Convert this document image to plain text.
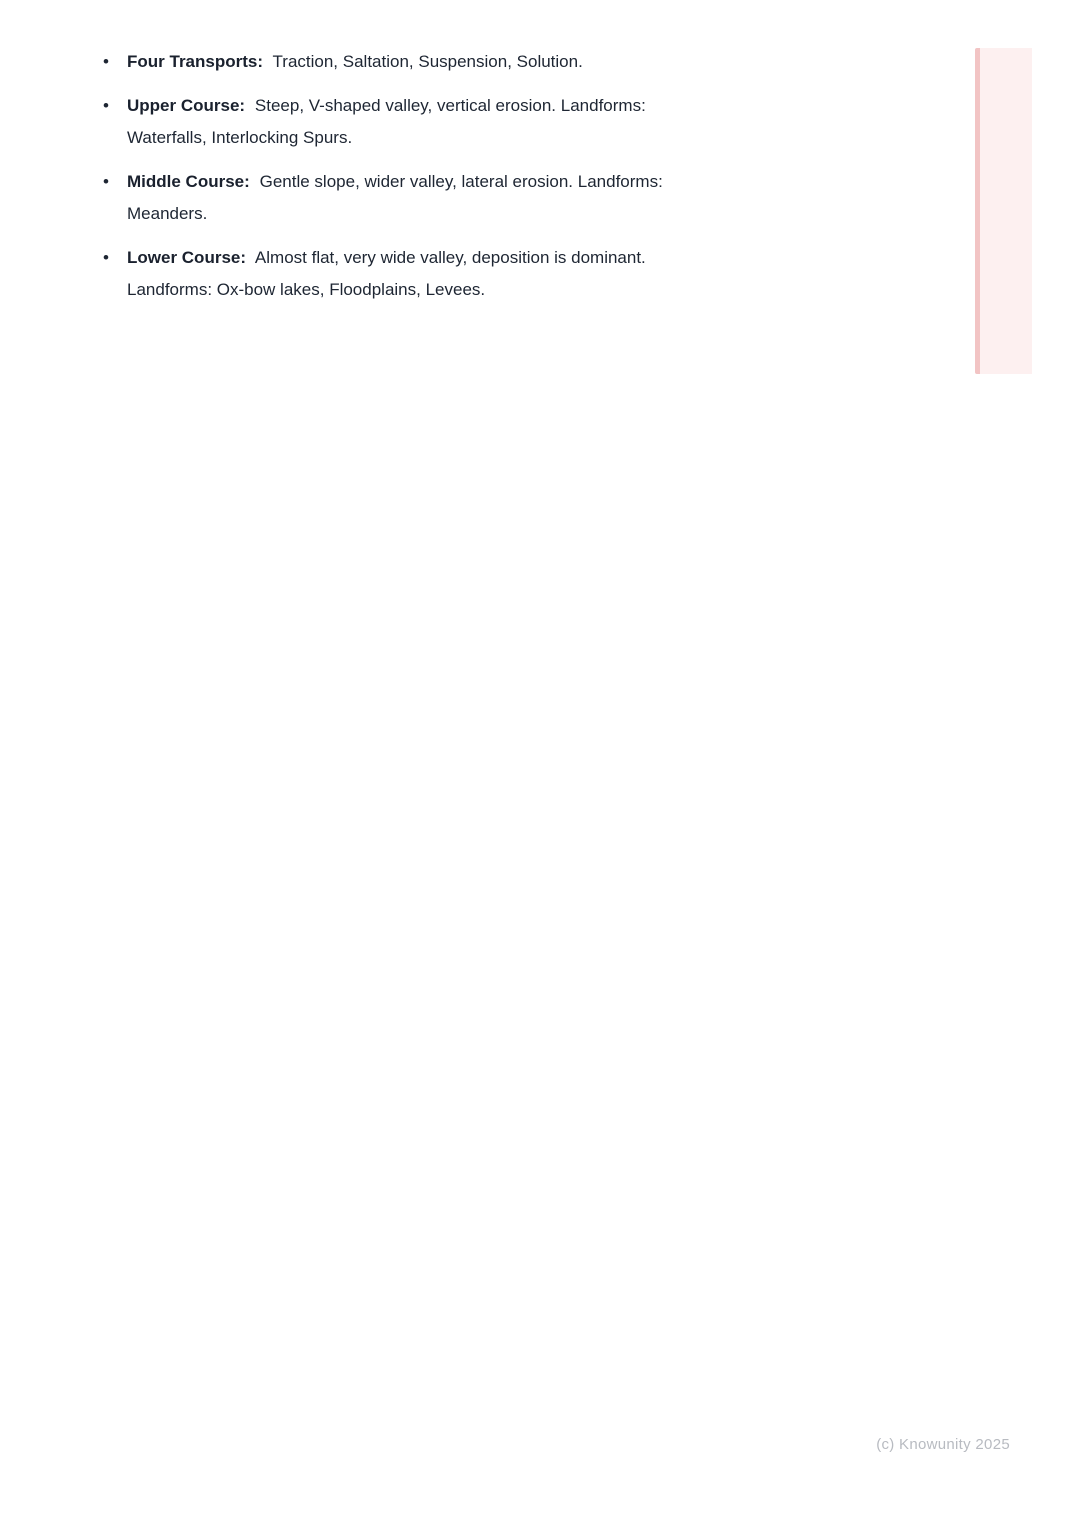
•	Four Transports: Traction, Saltation, Suspension, Solution.
•	Upper Course: Steep, V-shaped valley, vertical erosion. Landforms:
Waterfalls, Interlocking Spurs.
•	Middle Course: Gentle slope, wider valley, lateral erosion. Landforms:
Meanders.
•	Lower Course: Almost flat, very wide valley, deposition is dominant.
Landforms: Ox-bow lakes, Floodplains, Levees.
(c) Knowunity 2025
